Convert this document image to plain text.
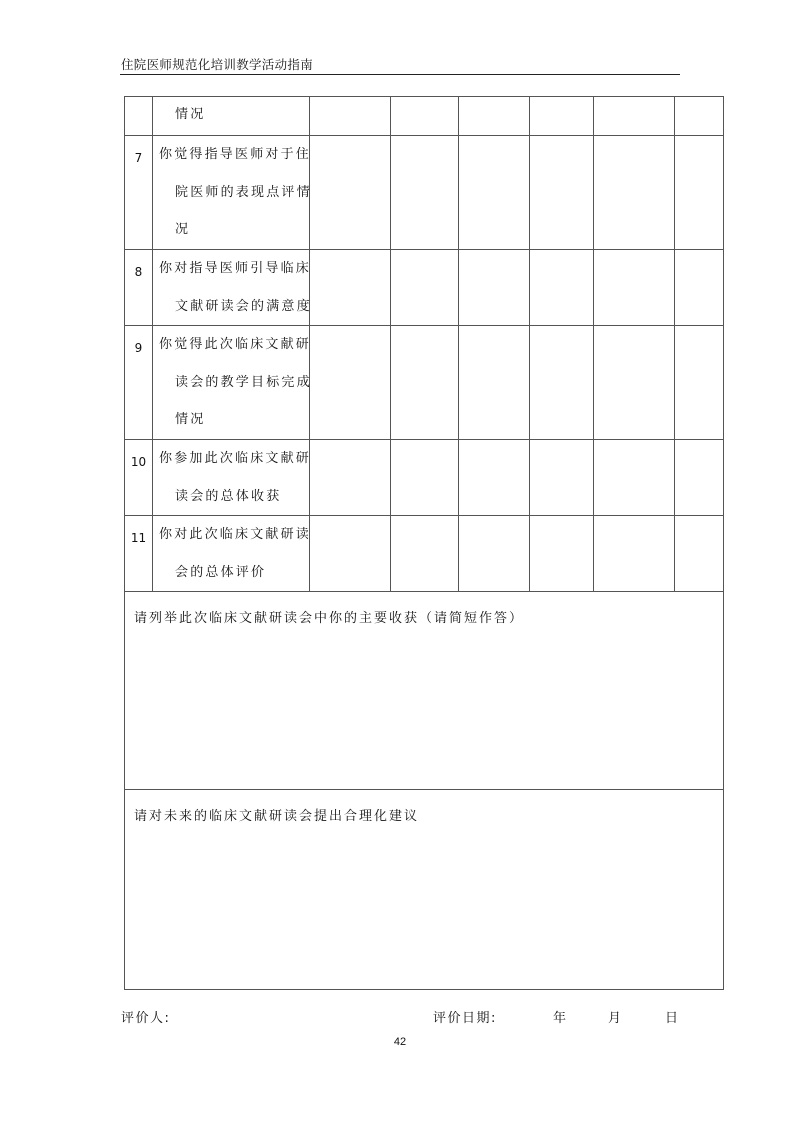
住院医师规范化培训教学活动指南

	情况						

7	你觉得指导医师对于住
院医师的表现点评情
况						

8	你对指导医师引导临床
文献研读会的满意度						

9	你觉得此次临床文献研
读会的教学目标完成
情况						

10	你参加此次临床文献研
读会的总体收获						

11	你对此次临床文献研读
会的总体评价						

请列举此次临床文献研读会中你的主要收获（请简短作答）							
请对未来的临床文献研读会提出合理化建议							
评价人:	评价日期:	年	月	日
42
